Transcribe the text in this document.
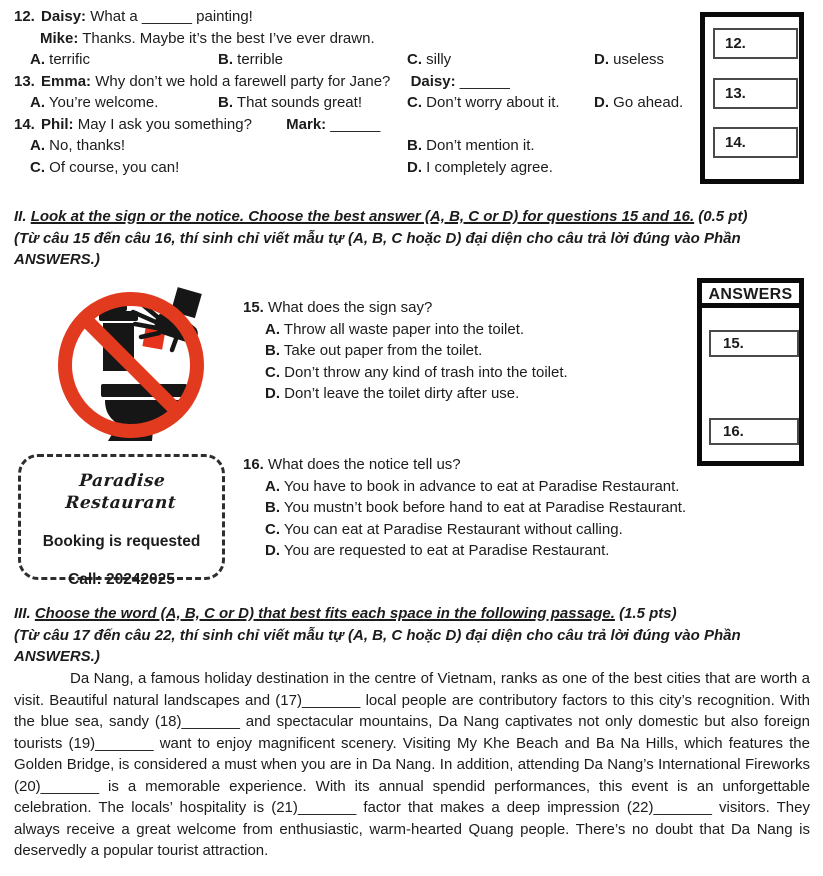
12. Daisy: What a ______ painting!
Mike: Thanks. Maybe it’s the best I’ve ever drawn.
A. terrific	B. terrible	C. silly	D. useless
13. Emma: Why don’t we hold a farewell party for Jane? Daisy: ______
A. You’re welcome.	B. That sounds great!	C. Don’t worry about it.	D. Go ahead.
14. Phil: May I ask you something? Mark: ______
A. No, thanks!	B. Don’t mention it.
C. Of course, you can!	D. I completely agree.
12.
13.
14.
II. Look at the sign or the notice. Choose the best answer (A, B, C or D) for questions 15 and 16. (0.5 pt)
(Từ câu 15 đến câu 16, thí sinh chỉ viết mẫu tự (A, B, C hoặc D) đại diện cho câu trả lời đúng vào Phần ANSWERS.)
15. What does the sign say?
A. Throw all waste paper into the toilet.
B. Take out paper from the toilet.
C. Don’t throw any kind of trash into the toilet.
D. Don’t leave the toilet dirty after use.
ANSWERS
15.
16.
Paradise Restaurant
Booking is requested
Call: 20242025
16. What does the notice tell us?
A. You have to book in advance to eat at Paradise Restaurant.
B. You mustn’t book before hand to eat at Paradise Restaurant.
C. You can eat at Paradise Restaurant without calling.
D. You are requested to eat at Paradise Restaurant.
III. Choose the word (A, B, C or D) that best fits each space in the following passage. (1.5 pts)
(Từ câu 17 đến câu 22, thí sinh chỉ viết mẫu tự (A, B, C hoặc D) đại diện cho câu trả lời đúng vào Phần ANSWERS.)
Da Nang, a famous holiday destination in the centre of Vietnam, ranks as one of the best cities that are worth a visit. Beautiful natural landscapes and (17)_______ local people are contributory factors to this city’s recognition. With the blue sea, sandy (18)_______ and spectacular mountains, Da Nang captivates not only domestic but also foreign tourists (19)_______ want to enjoy magnificent scenery. Visiting My Khe Beach and Ba Na Hills, which features the Golden Bridge, is considered a must when you are in Da Nang. In addition, attending Da Nang’s International Fireworks (20)_______ is a memorable experience. With its annual spendid performances, this event is an unforgettable celebration. The locals’ hospitality is (21)_______ factor that makes a deep impression (22)_______ visitors. They always receive a great welcome from enthusiastic, warm-hearted Quang people. There’s no doubt that Da Nang is deservedly a popular tourist attraction.
